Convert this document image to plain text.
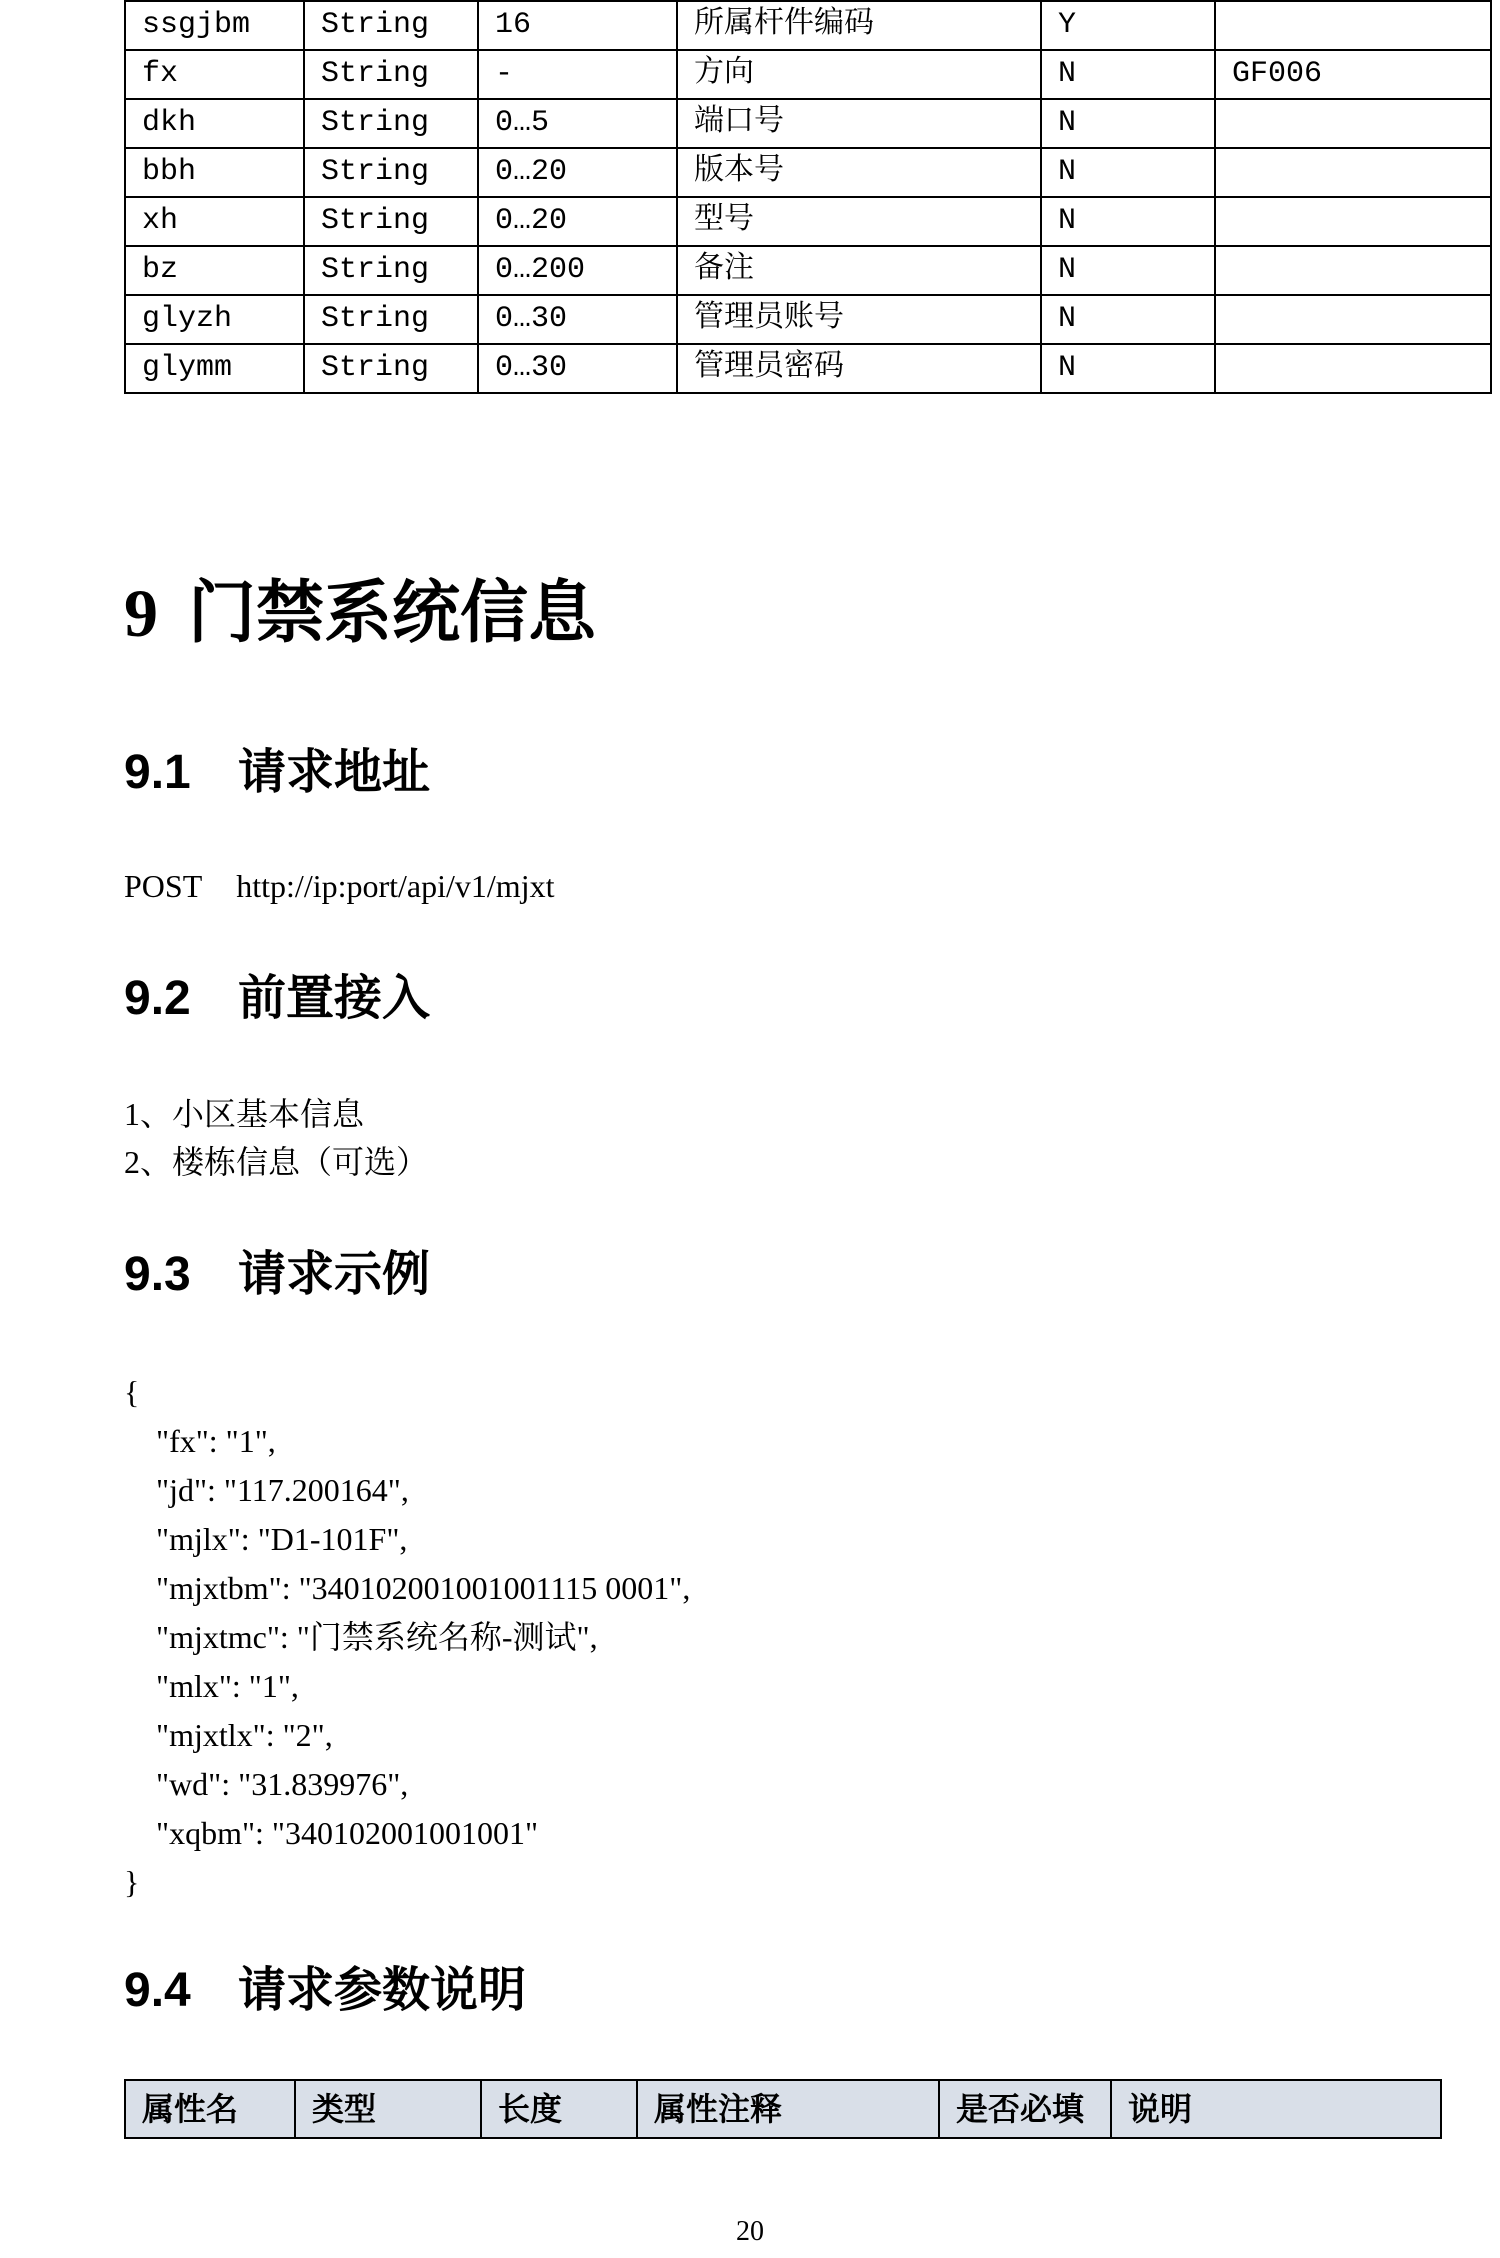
ssgjbm	String	16	所属杆件编码	Y	
fx	String	-	方向	N	GF006
dkh	String	0…5	端口号	N	
bbh	String	0…20	版本号	N	
xh	String	0…20	型号	N	
bz	String	0…200	备注	N	
glyzh	String	0…30	管理员账号	N	
glymm	String	0…30	管理员密码	N	
9 门禁系统信息
9.1 请求地址

POST http://ip:port/api/v1/mjxt

9.2 前置接入

1、小区基本信息

2、楼栋信息（可选）

9.3 请求示例
{
"fx": "1",
"jd": "117.200164",
"mjlx": "D1-101F",
"mjxtbm": "340102001001001115 0001",
"mjxtmc": "门禁系统名称-测试",
"mlx": "1",
"mjxtlx": "2",
"wd": "31.839976",
"xqbm": "340102001001001"
}
9.4 请求参数说明
属性名	类型	长度	属性注释	是否必填	说明
20
